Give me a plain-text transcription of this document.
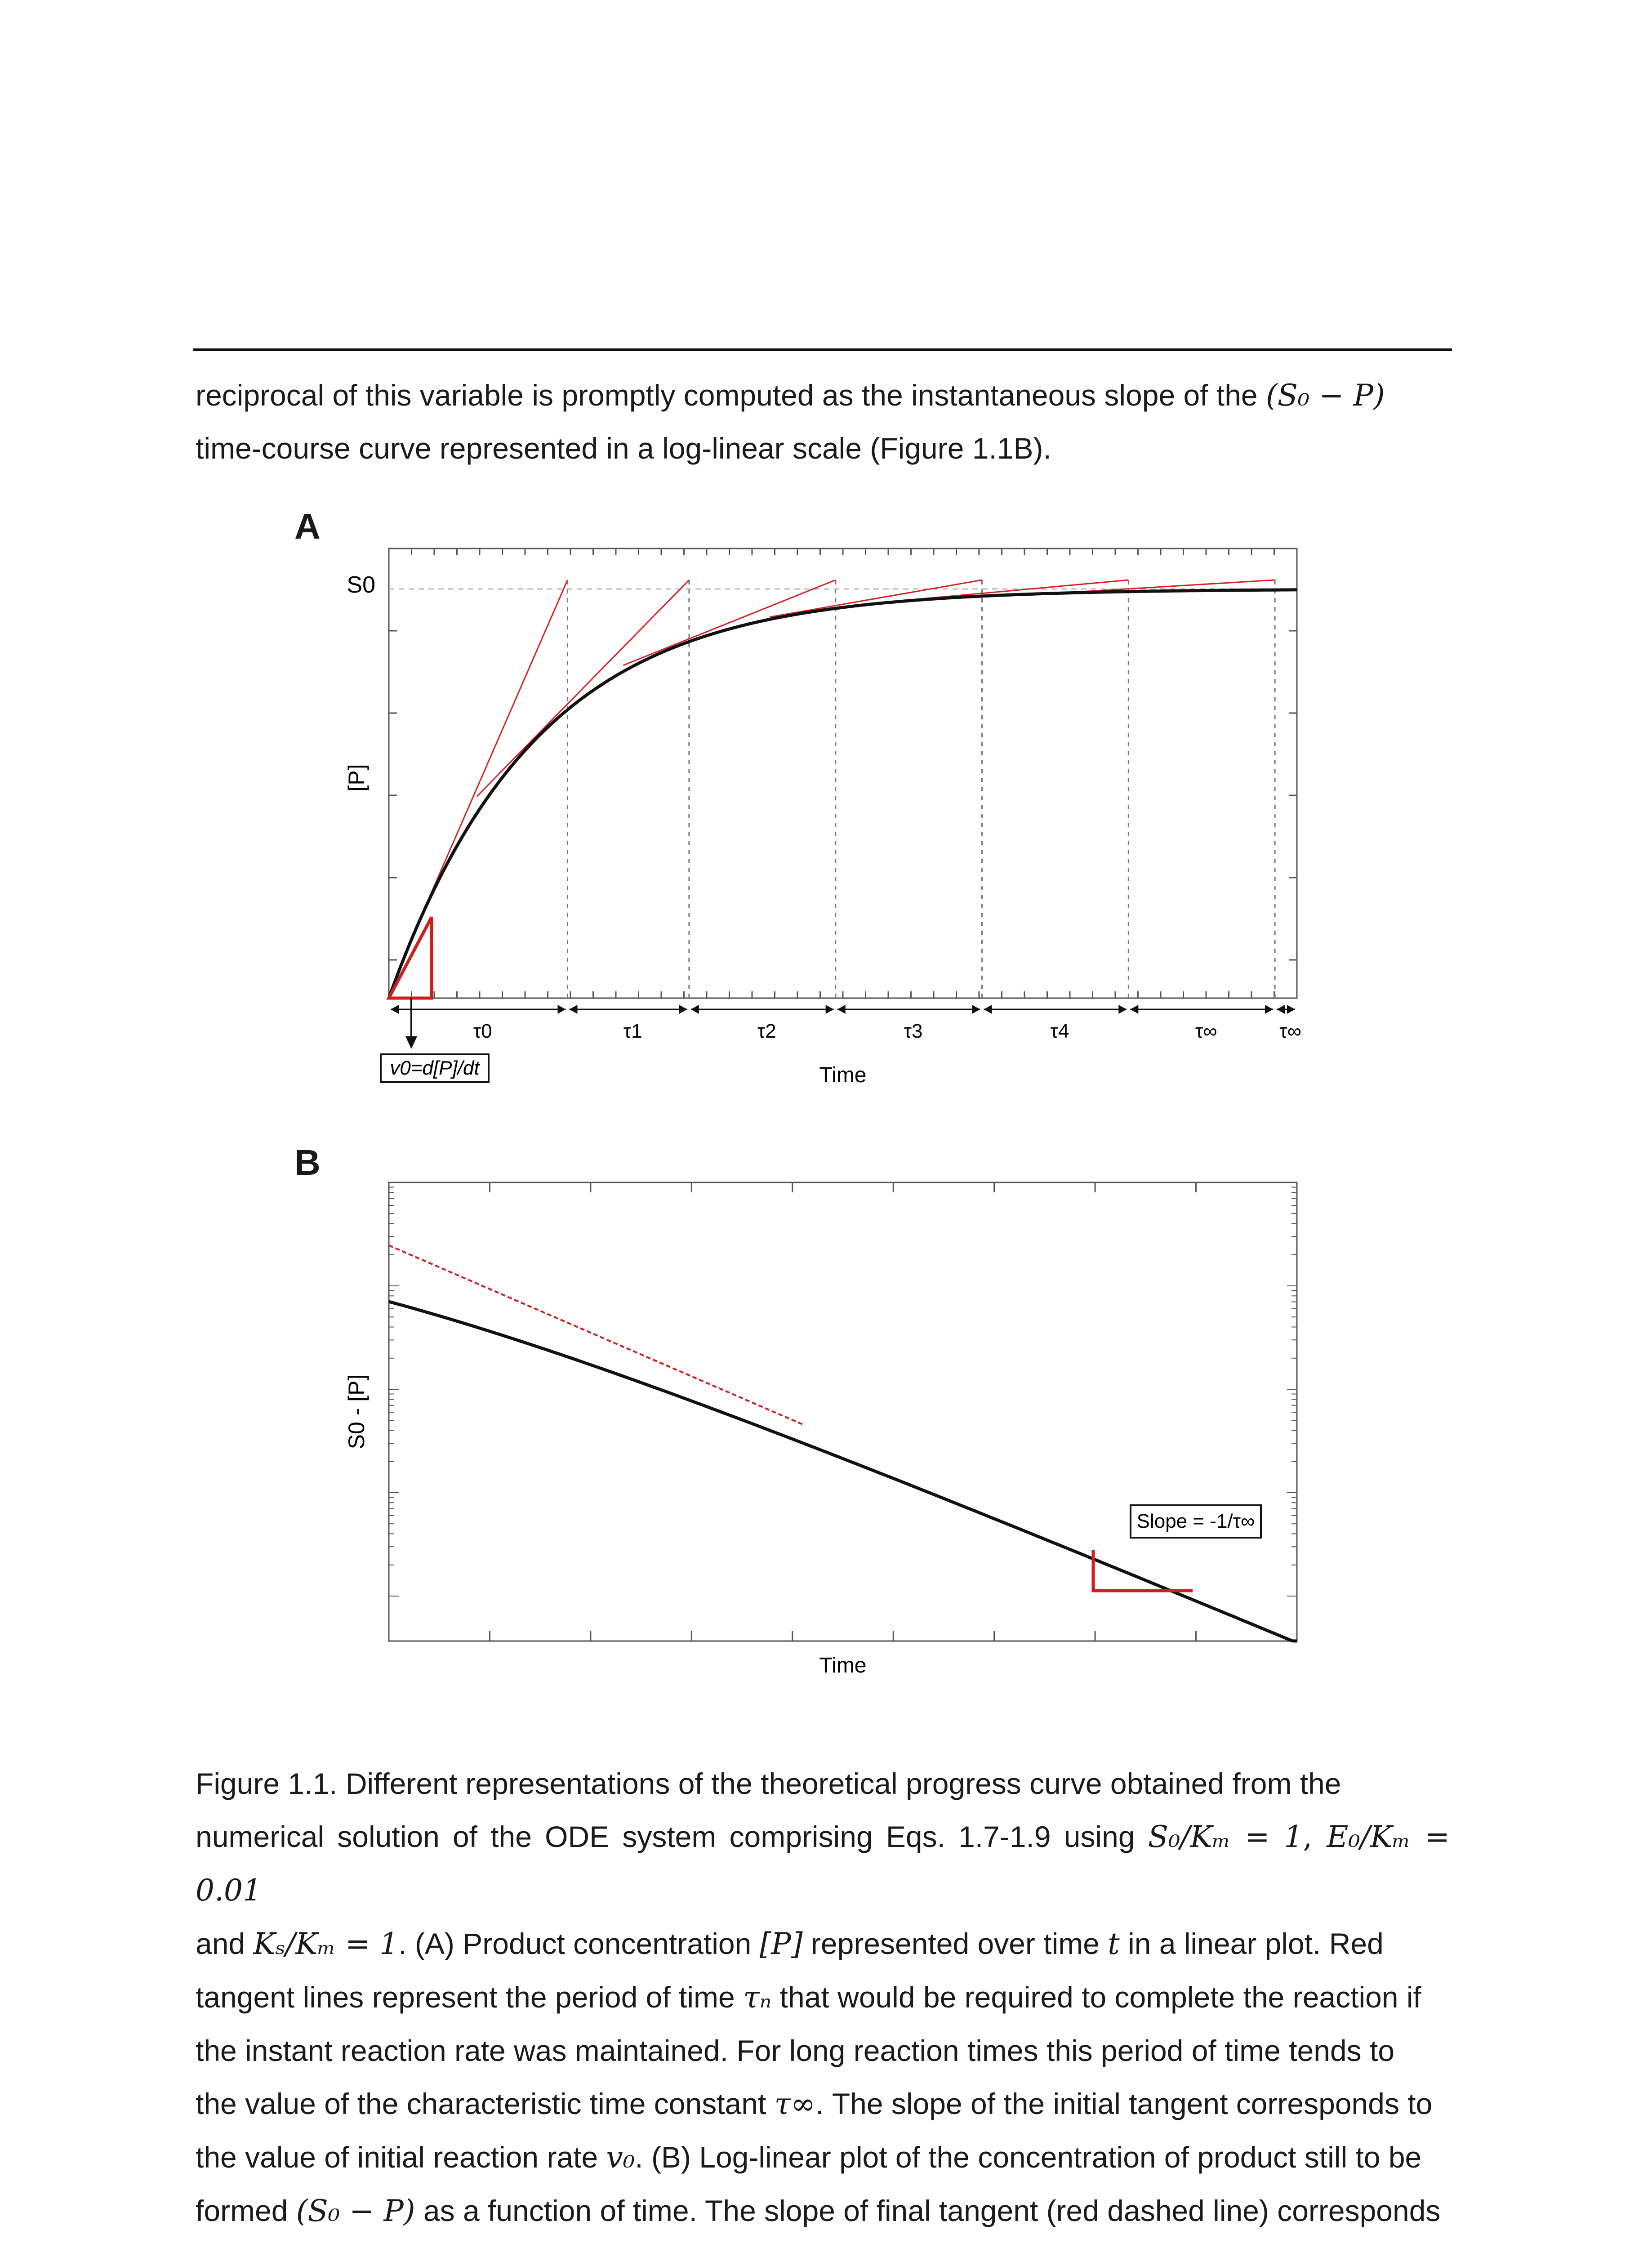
reciprocal of this variable is promptly computed as the instantaneous slope of the (S₀ − P)
time-course curve represented in a log-linear scale (Figure 1.1B).
A
B
τ0	τ1	τ2	τ3	τ4	τ∞	τ∞
v0=d[P]/dt
S0
[P]
Time
Slope = -1/τ∞
S0 - [P]
Time
Figure 1.1. Different representations of the theoretical progress curve obtained from the
numerical solution of the ODE system comprising Eqs. 1.7-1.9 using S₀/Kₘ = 1, E₀/Kₘ = 0.01
and Kₛ/Kₘ = 1. (A) Product concentration [P] represented over time t in a linear plot. Red
tangent lines represent the period of time τₙ that would be required to complete the reaction if
the instant reaction rate was maintained. For long reaction times this period of time tends to
the value of the characteristic time constant τ∞. The slope of the initial tangent corresponds to
the value of initial reaction rate v₀. (B) Log-linear plot of the concentration of product still to be
formed (S₀ − P) as a function of time. The slope of final tangent (red dashed line) corresponds
